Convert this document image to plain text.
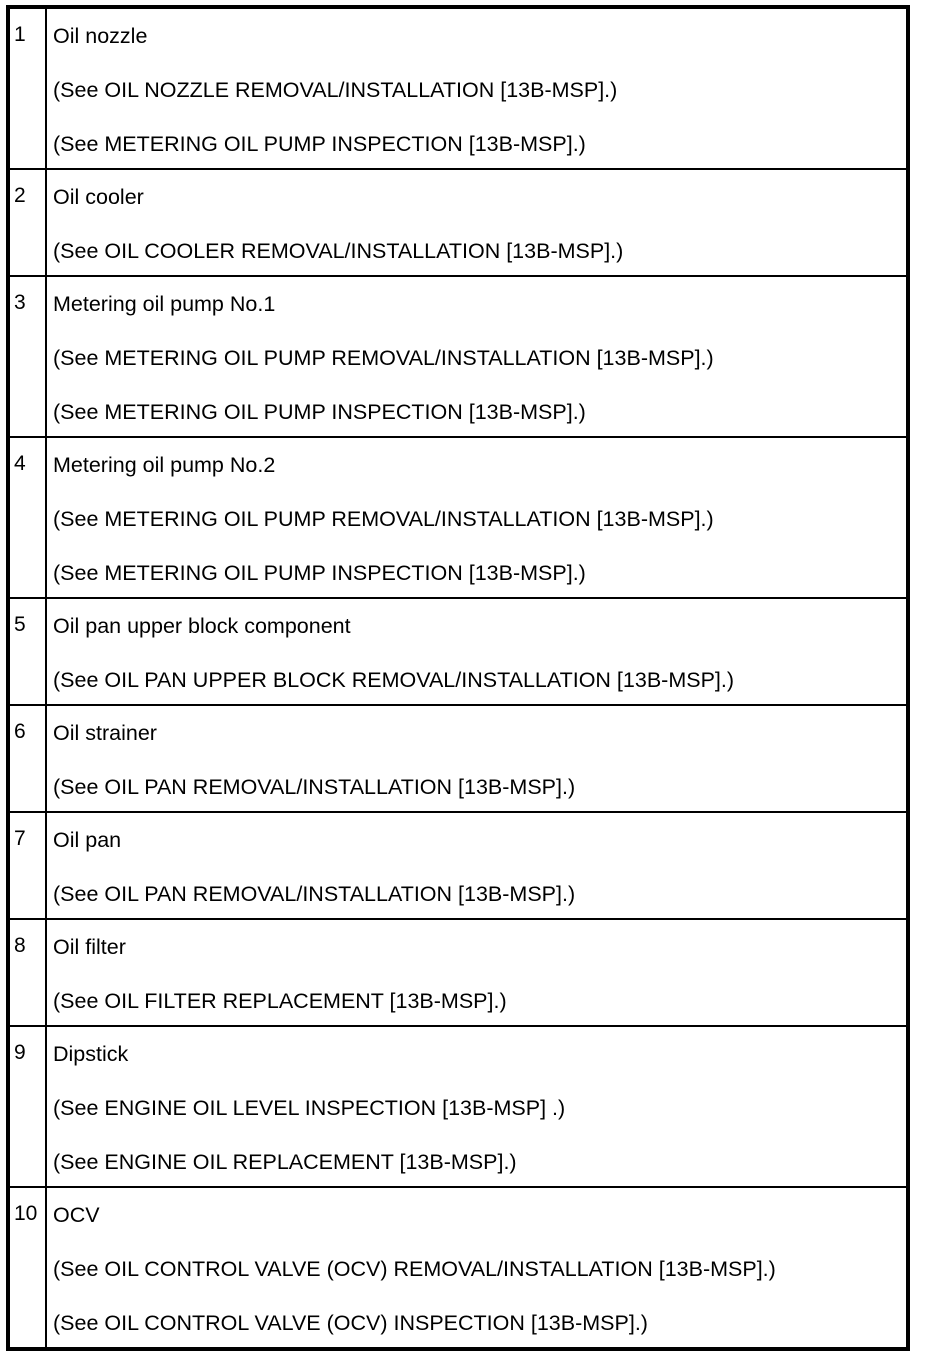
1	Oil nozzle
(See OIL NOZZLE REMOVAL/INSTALLATION [13B-MSP].)
(See METERING OIL PUMP INSPECTION [13B-MSP].)

2	Oil cooler
(See OIL COOLER REMOVAL/INSTALLATION [13B-MSP].)

3	Metering oil pump No.1
(See METERING OIL PUMP REMOVAL/INSTALLATION [13B-MSP].)
(See METERING OIL PUMP INSPECTION [13B-MSP].)

4	Metering oil pump No.2
(See METERING OIL PUMP REMOVAL/INSTALLATION [13B-MSP].)
(See METERING OIL PUMP INSPECTION [13B-MSP].)

5	Oil pan upper block component
(See OIL PAN UPPER BLOCK REMOVAL/INSTALLATION [13B-MSP].)

6	Oil strainer
(See OIL PAN REMOVAL/INSTALLATION [13B-MSP].)

7	Oil pan
(See OIL PAN REMOVAL/INSTALLATION [13B-MSP].)

8	Oil filter
(See OIL FILTER REPLACEMENT [13B-MSP].)

9	Dipstick
(See ENGINE OIL LEVEL INSPECTION [13B-MSP] .)
(See ENGINE OIL REPLACEMENT [13B-MSP].)

10	OCV
(See OIL CONTROL VALVE (OCV) REMOVAL/INSTALLATION [13B-MSP].)
(See OIL CONTROL VALVE (OCV) INSPECTION [13B-MSP].)
